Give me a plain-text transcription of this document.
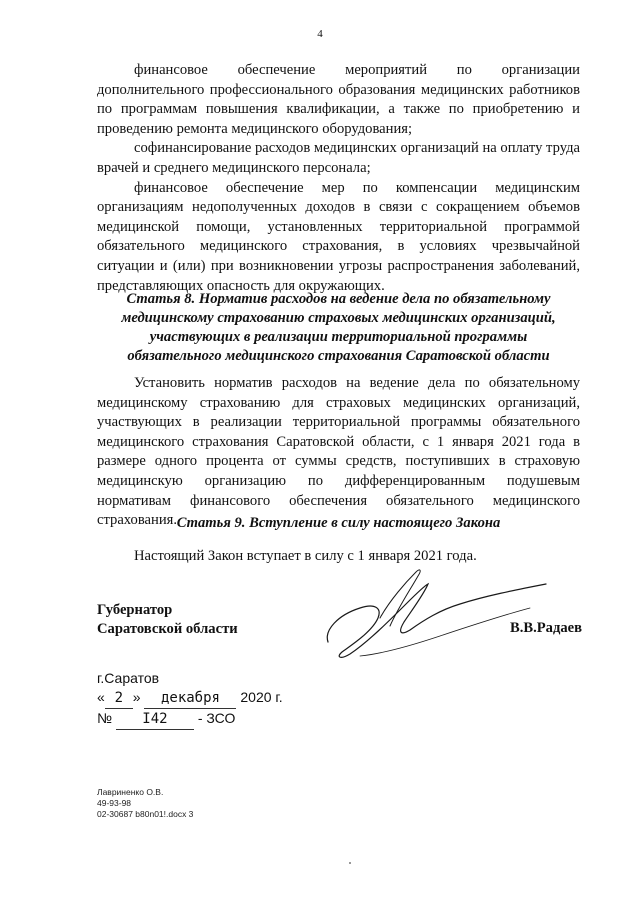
4

финансовое обеспечение мероприятий по организации дополнительного профессионального образования медицинских работников по программам повышения квалификации, а также по приобретению и проведению ремонта медицинского оборудования;

софинансирование расходов медицинских организаций на оплату труда врачей и среднего медицинского персонала;

финансовое обеспечение мер по компенсации медицинским организациям недополученных доходов в связи с сокращением объемов медицинской помощи, установленных территориальной программой обязательного медицинского страхования, в условиях чрезвычайной ситуации и (или) при возникновении угрозы распространения заболеваний, представляющих опасность для окружающих.

Статья 8. Норматив расходов на ведение дела по обязательному
медицинскому страхованию страховых медицинских организаций,
участвующих в реализации территориальной программы
обязательного медицинского страхования Саратовской области

Установить норматив расходов на ведение дела по обязательному медицинскому страхованию для страховых медицинских организаций, участвующих в реализации территориальной программы обязательного медицинского страхования Саратовской области, с 1 января 2021 года в размере одного процента от суммы средств, поступивших в страховую медицинскую организацию по дифференцированным подушевым нормативам финансового обеспечения обязательного медицинского страхования. Статья 9. Вступление в силу настоящего Закона

Настоящий Закон вступает в силу с 1 января 2021 года.

Губернатор
Саратовской области	В.В.Радаев
г.Саратов
« 2 » декабря 2020 г.
№ I42 - ЗСО
Лавриненко О.В.
49-93-98
02-30687 b80n01!.docx 3
